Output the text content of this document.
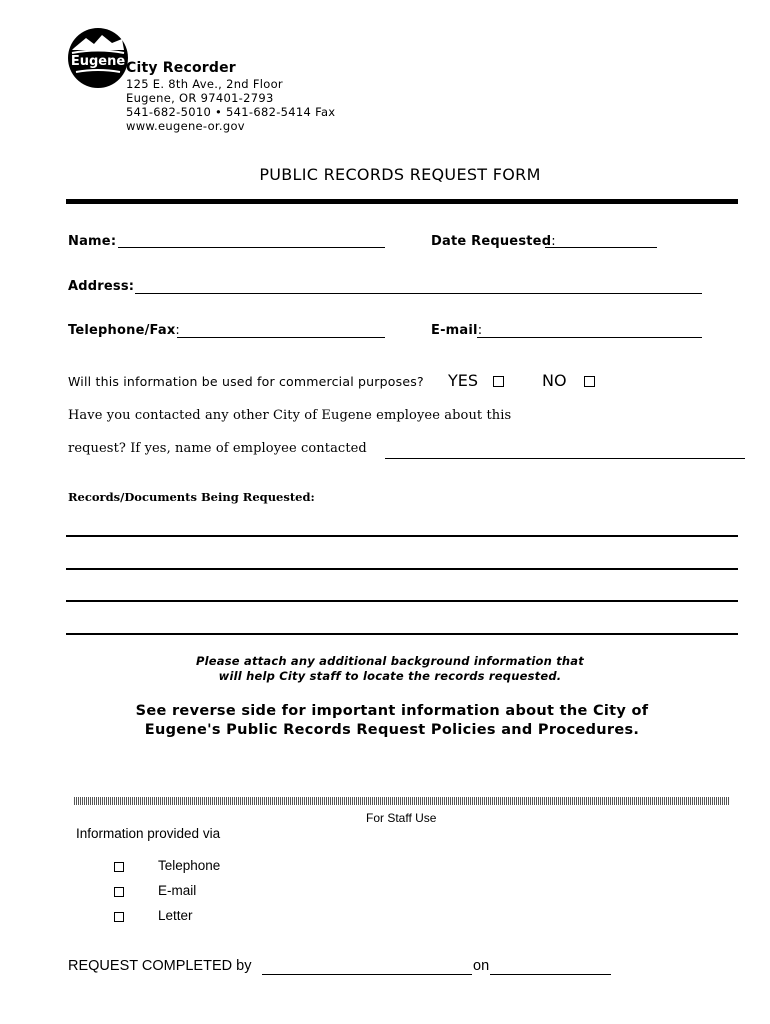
Eugene City Recorder
125 E. 8th Ave., 2nd Floor
Eugene, OR 97401-2793
541-682-5010 • 541-682-5414 Fax
www.eugene-or.gov
PUBLIC RECORDS REQUEST FORM
Name:	Date Requested:
Address:
Telephone/Fax:	E-mail:
Will this information be used for commercial purposes? YES	NO
Have you contacted any other City of Eugene employee about this
request? If yes, name of employee contacted
Records/Documents Being Requested:
Please attach any additional background information that
will help City staff to locate the records requested.
See reverse side for important information about the City of
Eugene's Public Records Request Policies and Procedures.
For Staff Use
Information provided via
Telephone
E-mail
Letter
REQUEST COMPLETED by	on
